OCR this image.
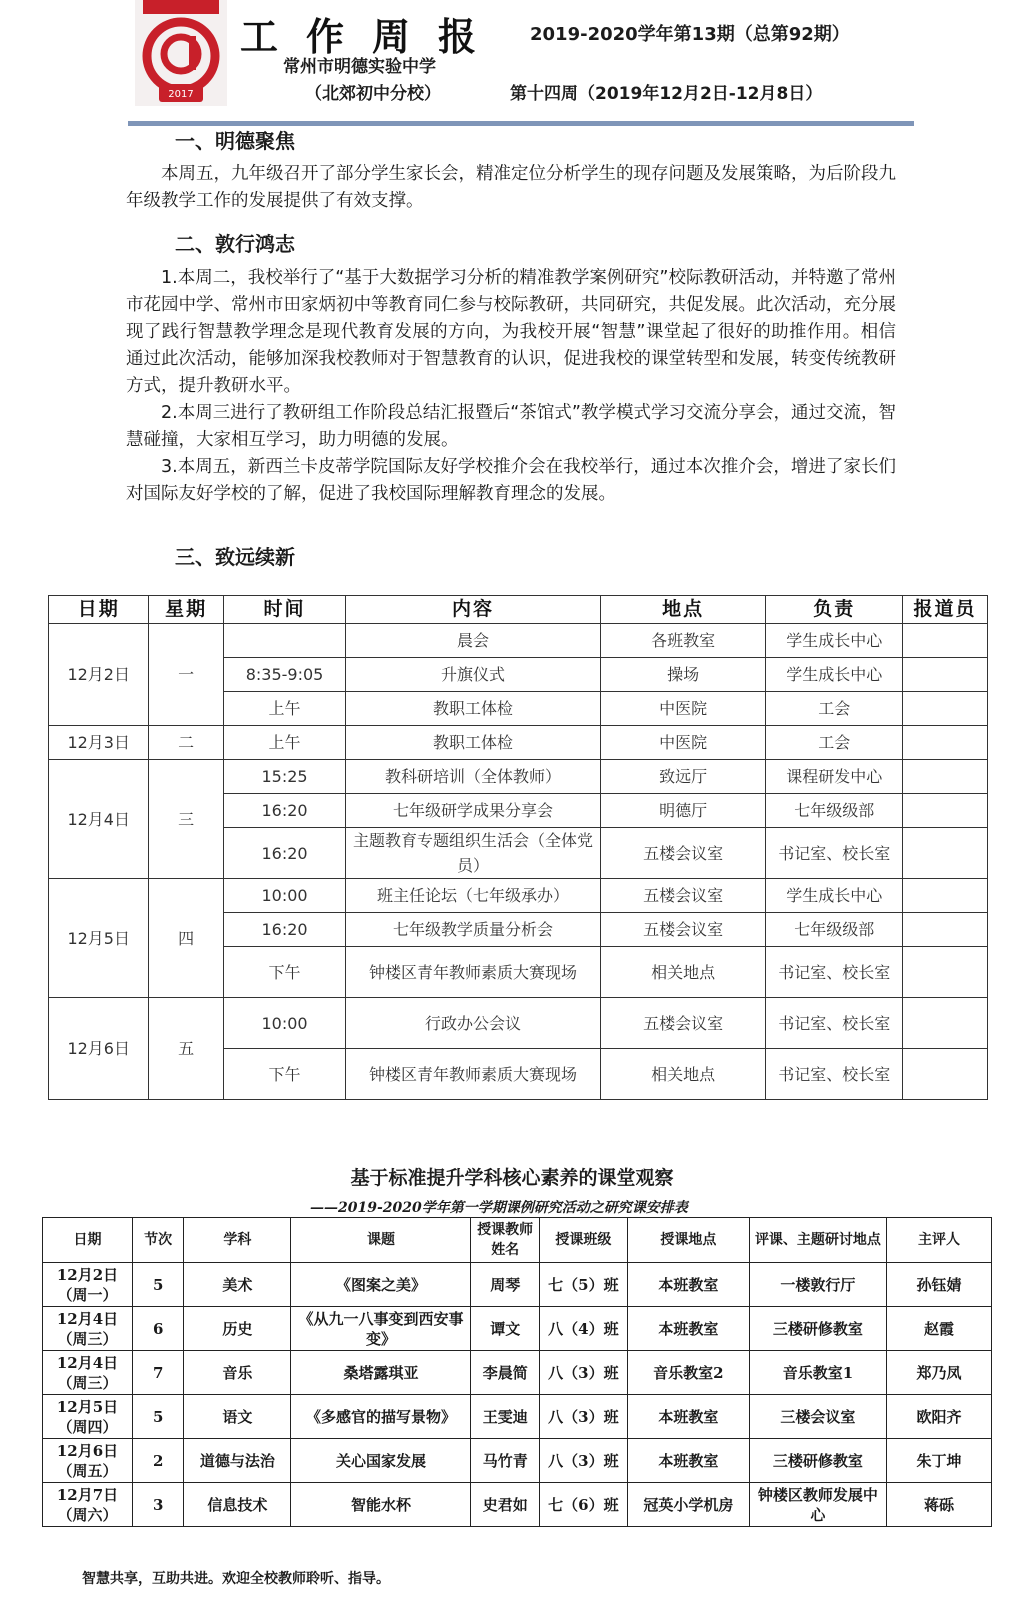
2017
工作周报 2019-2020学年第13期（总第92期）
常州市明德实验中学
（北郊初中分校）	第十四周（2019年12月2日-12月8日）
一、明德聚焦

本周五，九年级召开了部分学生家长会，精准定位分析学生的现存问题及发展策略，为后阶段九年级教学工作的发展提供了有效支撑。

二、敦行鸿志

1.本周二，我校举行了“基于大数据学习分析的精准教学案例研究”校际教研活动，并特邀了常州市花园中学、常州市田家炳初中等教育同仁参与校际教研，共同研究，共促发展。此次活动，充分展现了践行智慧教学理念是现代教育发展的方向，为我校开展“智慧”课堂起了很好的助推作用。相信通过此次活动，能够加深我校教师对于智慧教育的认识，促进我校的课堂转型和发展，转变传统教研方式，提升教研水平。

2.本周三进行了教研组工作阶段总结汇报暨后“茶馆式”教学模式学习交流分享会，通过交流，智慧碰撞，大家相互学习，助力明德的发展。

3.本周五，新西兰卡皮蒂学院国际友好学校推介会在我校举行，通过本次推介会，增进了家长们对国际友好学校的了解，促进了我校国际理解教育理念的发展。

三、致远续新
日期	星期	时间	内容	地点	负责	报道员
12月2日	一		晨会	各班教室	学生成长中心	
		8:35-9:05	升旗仪式	操场	学生成长中心	
		上午	教职工体检	中医院	工会	
12月3日	二	上午	教职工体检	中医院	工会	
12月4日	三	15:25	教科研培训（全体教师）	致远厅	课程研发中心	
		16:20	七年级研学成果分享会	明德厅	七年级级部	
		16:20	主题教育专题组织生活会（全体党员）	五楼会议室	书记室、校长室	
12月5日	四	10:00	班主任论坛（七年级承办）	五楼会议室	学生成长中心	
		16:20	七年级教学质量分析会	五楼会议室	七年级级部	
		下午	钟楼区青年教师素质大赛现场	相关地点	书记室、校长室	
12月6日	五	10:00	行政办公会议	五楼会议室	书记室、校长室	
		下午	钟楼区青年教师素质大赛现场	相关地点	书记室、校长室	
基于标准提升学科核心素养的课堂观察
——2019-2020学年第一学期课例研究活动之研究课安排表
日期	节次	学科	课题	授课教师姓名	授课班级	授课地点	评课、主题研讨地点	主评人

12月2日
（周一）	5	美术	《图案之美》	周琴	七（5）班	本班教室	一楼敦行厅	孙钰婧

12月4日
（周三）	6	历史	《从九一八事变到西安事变》	谭文	八（4）班	本班教室	三楼研修教室	赵霞

12月4日
（周三）	7	音乐	桑塔露琪亚	李晨简	八（3）班	音乐教室2	音乐教室1	郑乃凤

12月5日
（周四）	5	语文	《多感官的描写景物》	王雯迪	八（3）班	本班教室	三楼会议室	欧阳齐

12月6日
（周五）	2	道德与法治	关心国家发展	马竹青	八（3）班	本班教室	三楼研修教室	朱丁坤

12月7日
（周六）	3	信息技术	智能水杯	史君如	七（6）班	冠英小学机房	钟楼区教师发展中心	蒋砾
智慧共享，互助共进。欢迎全校教师聆听、指导。
